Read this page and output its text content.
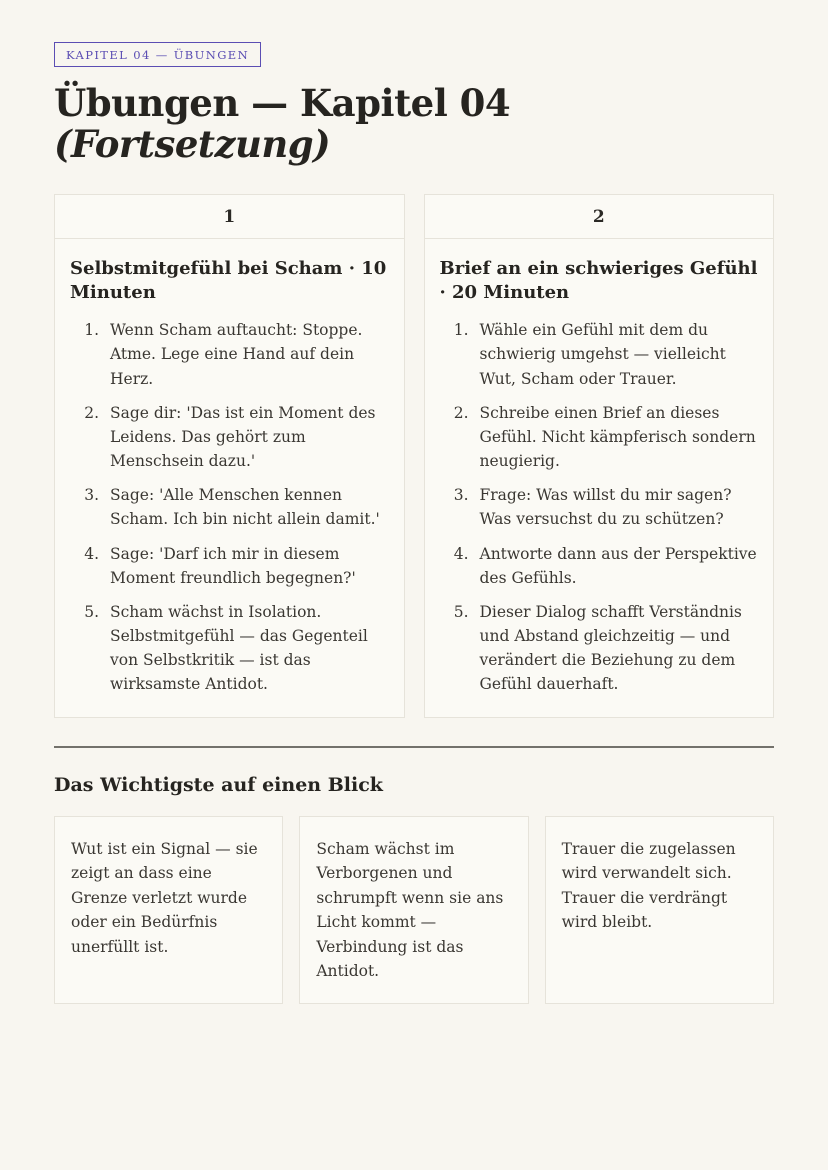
KAPITEL 04 — ÜBUNGEN
Übungen — Kapitel 04 (Fortsetzung)
1
Selbstmitgefühl bei Scham · 10 Minuten
1. Wenn Scham auftaucht: Stoppe. Atme. Lege eine Hand auf dein Herz.
2. Sage dir: 'Das ist ein Moment des Leidens. Das gehört zum Menschsein dazu.'
3. Sage: 'Alle Menschen kennen Scham. Ich bin nicht allein damit.'
4. Sage: 'Darf ich mir in diesem Moment freundlich begegnen?'
5. Scham wächst in Isolation. Selbstmitgefühl — das Gegenteil von Selbstkritik — ist das wirksamste Antidot.
2
Brief an ein schwieriges Gefühl · 20 Minuten
1. Wähle ein Gefühl mit dem du schwierig umgehst — vielleicht Wut, Scham oder Trauer.
2. Schreibe einen Brief an dieses Gefühl. Nicht kämpferisch sondern neugierig.
3. Frage: Was willst du mir sagen? Was versuchst du zu schützen?
4. Antworte dann aus der Perspektive des Gefühls.
5. Dieser Dialog schafft Verständnis und Abstand gleichzeitig — und verändert die Beziehung zu dem Gefühl dauerhaft.
Das Wichtigste auf einen Blick
Wut ist ein Signal — sie zeigt an dass eine Grenze verletzt wurde oder ein Bedürfnis unerfüllt ist.
Scham wächst im Verborgenen und schrumpft wenn sie ans Licht kommt — Verbindung ist das Antidot.
Trauer die zugelassen wird verwandelt sich. Trauer die verdrängt wird bleibt.
